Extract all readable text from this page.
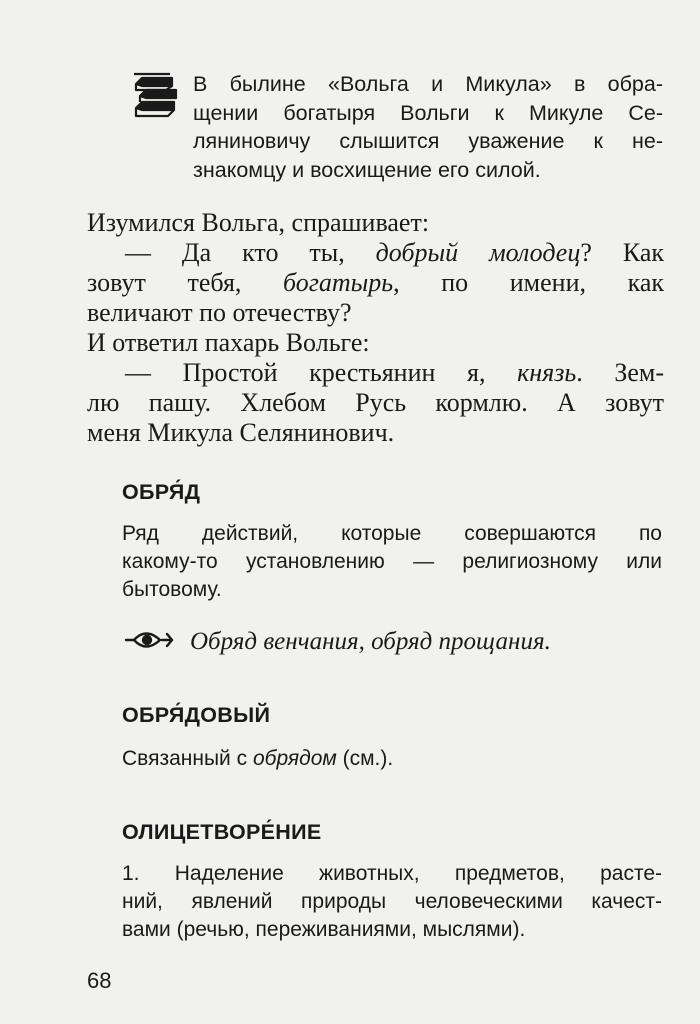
В былине «Вольга и Микула» в обра-
щении богатыря Вольги к Микуле Се-
ляниновичу слышится уважение к не-
знакомцу и восхищение его силой.
Изумился Вольга, спрашивает:
— Да кто ты, добрый молодец? Как
зовут тебя, богатырь, по имени, как
величают по отечеству?
И ответил пахарь Вольге:
— Простой крестьянин я, князь. Зем-
лю пашу. Хлебом Русь кормлю. А зовут
меня Микула Селянинович.
ОБРЯ́Д
Ряд действий, которые совершаются по
какому-то установлению — религиозному или
бытовому.
Обряд венчания, обряд прощания.
ОБРЯ́ДОВЫЙ
Связанный с обрядом (см.).
ОЛИЦЕТВОРЕ́НИЕ
1. Наделение животных, предметов, расте-
ний, явлений природы человеческими качест-
вами (речью, переживаниями, мыслями).
68
